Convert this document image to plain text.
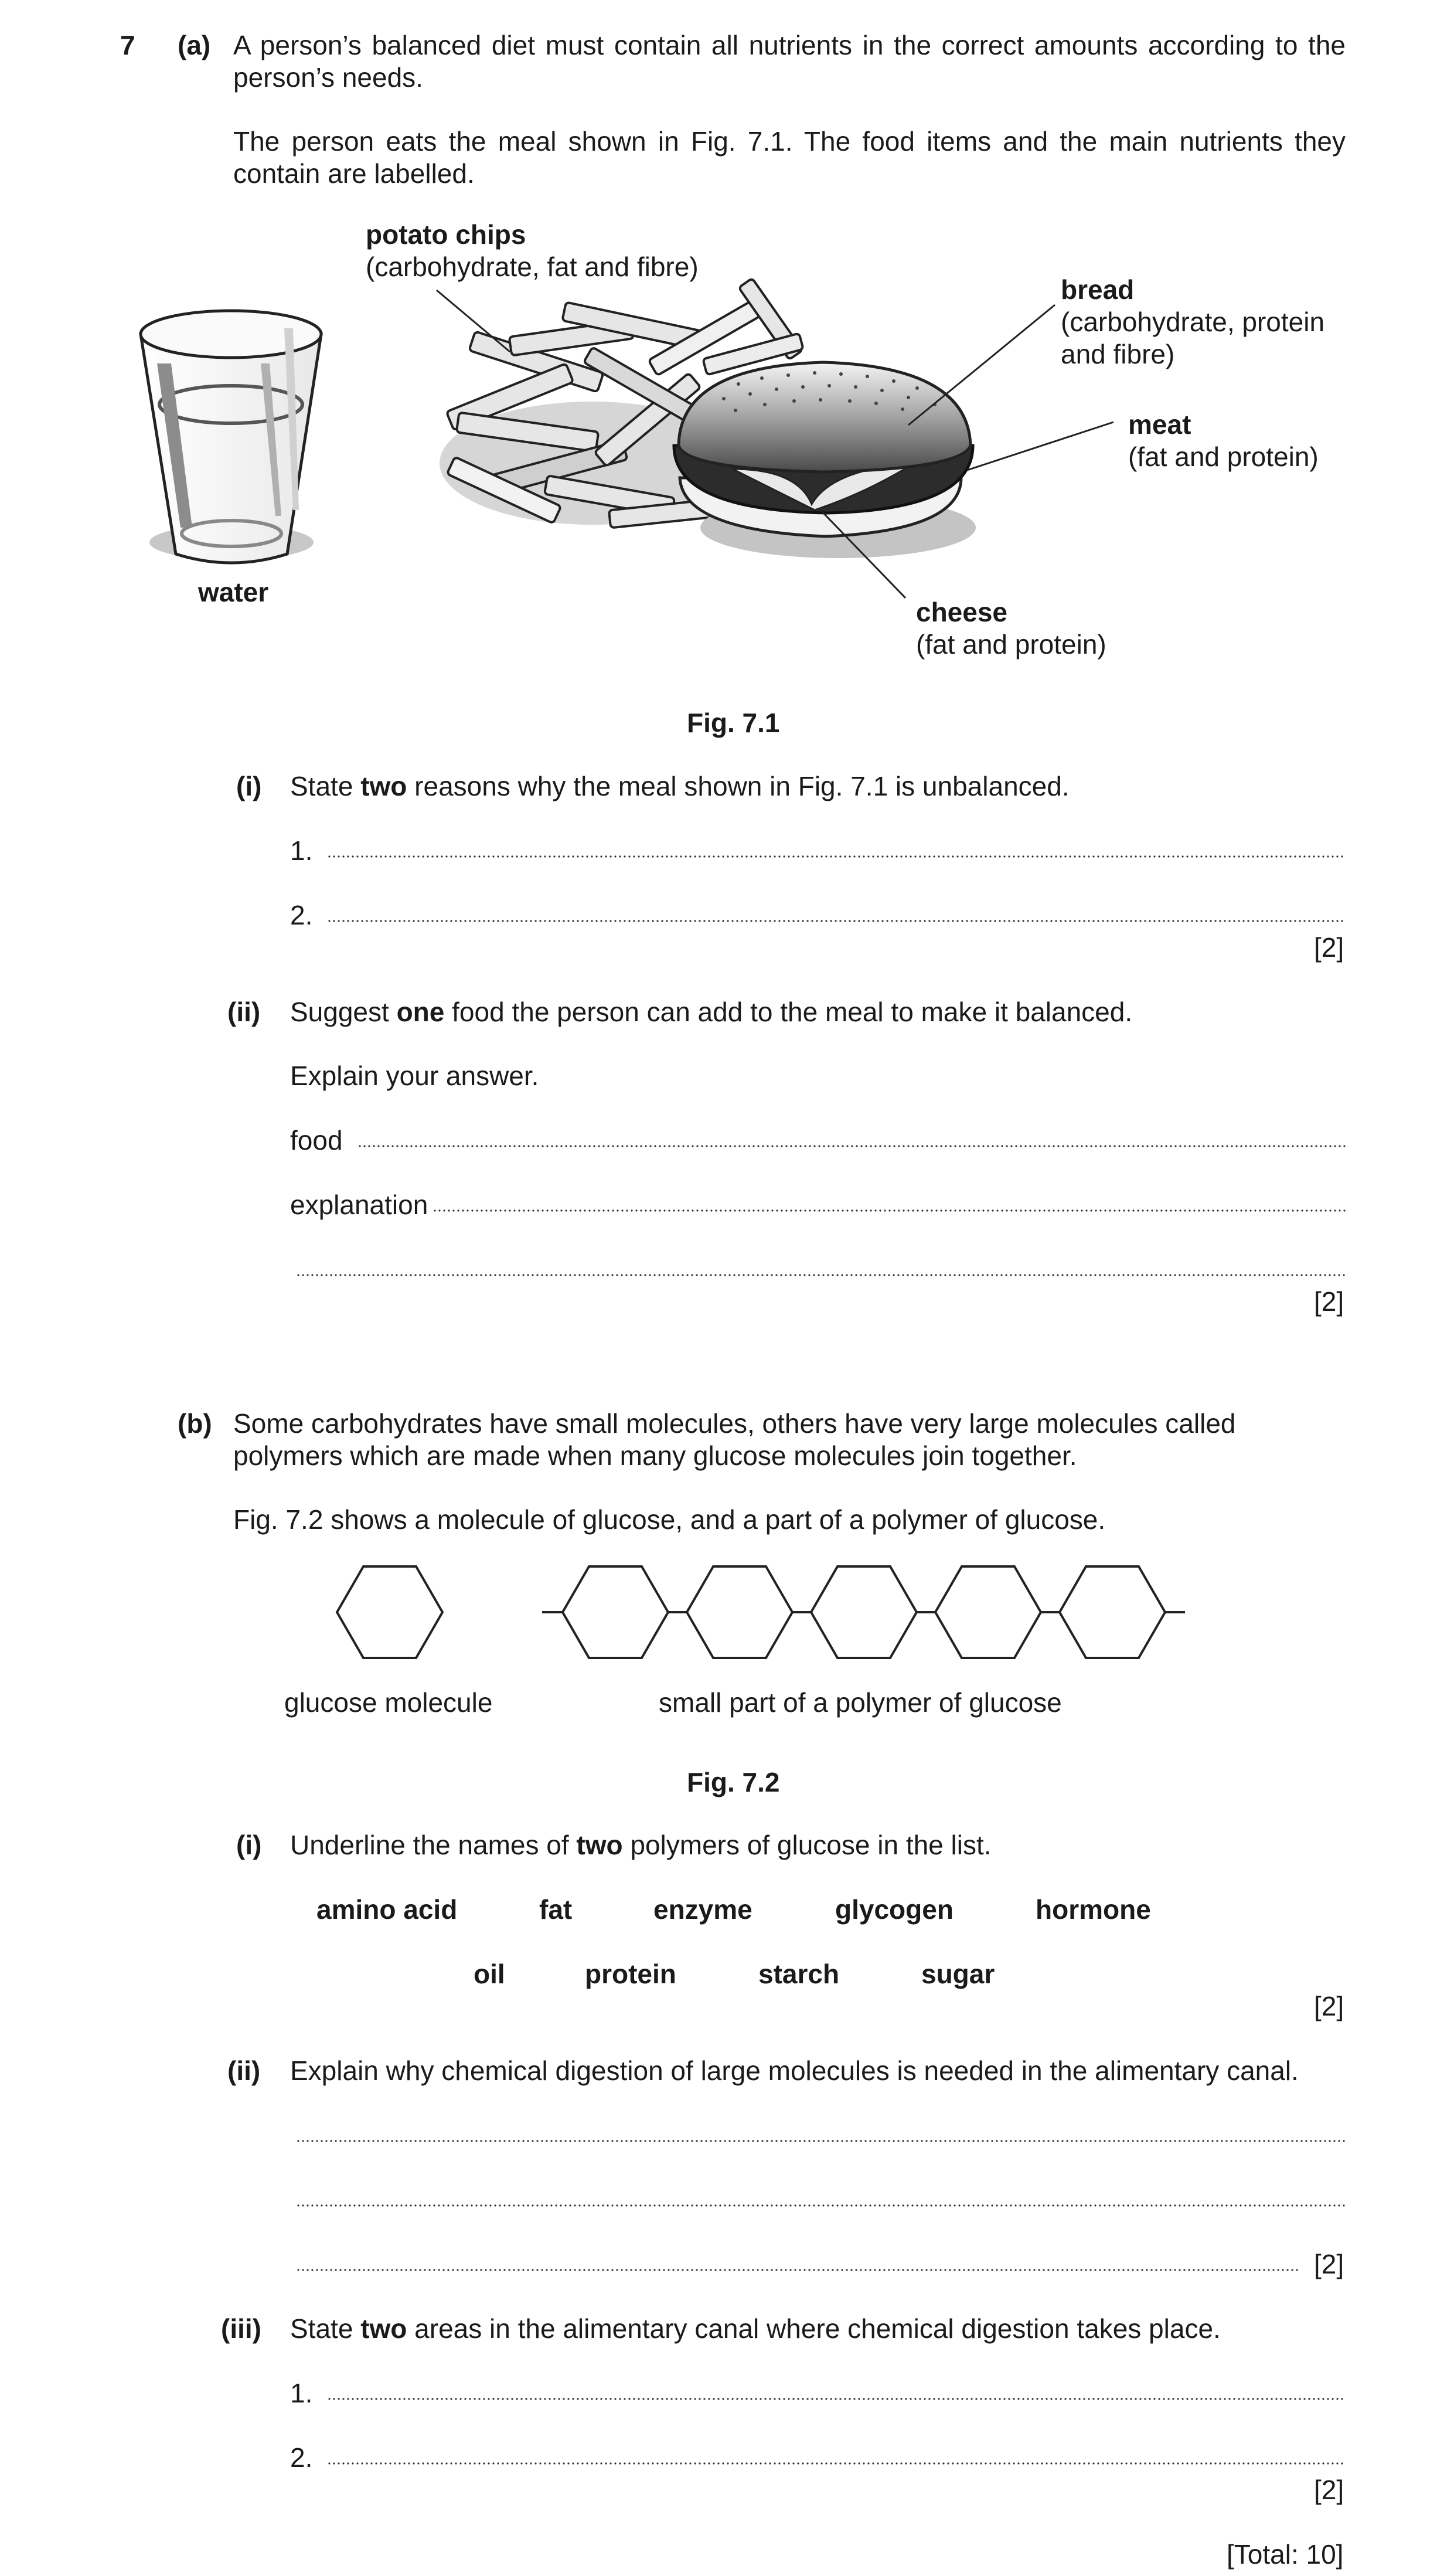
7 (a) A person’s balanced diet must contain all nutrients in the correct amounts according to the person’s needs.
The person eats the meal shown in Fig. 7.1. The food items and the main nutrients they contain are labelled.
potato chips
(carbohydrate, fat and fibre)
bread
(carbohydrate, protein
and fibre)
meat
(fat and protein)
cheese
(fat and protein)
water
Fig. 7.1
(i) State two reasons why the meal shown in Fig. 7.1 is unbalanced.
1.
2.
[2]
(ii) Suggest one food the person can add to the meal to make it balanced.
Explain your answer.
food
explanation
[2]
(b) Some carbohydrates have small molecules, others have very large molecules called polymers which are made when many glucose molecules join together.
Fig. 7.2 shows a molecule of glucose, and a part of a polymer of glucose.
glucose molecule	small part of a polymer of glucose
Fig. 7.2
(i) Underline the names of two polymers of glucose in the list.
amino acid	fat	enzyme	glycogen	hormone
oil	protein	starch	sugar
[2]
(ii) Explain why chemical digestion of large molecules is needed in the alimentary canal.
[2]
(iii) State two areas in the alimentary canal where chemical digestion takes place.
1.
2.
[2]
[Total: 10]
